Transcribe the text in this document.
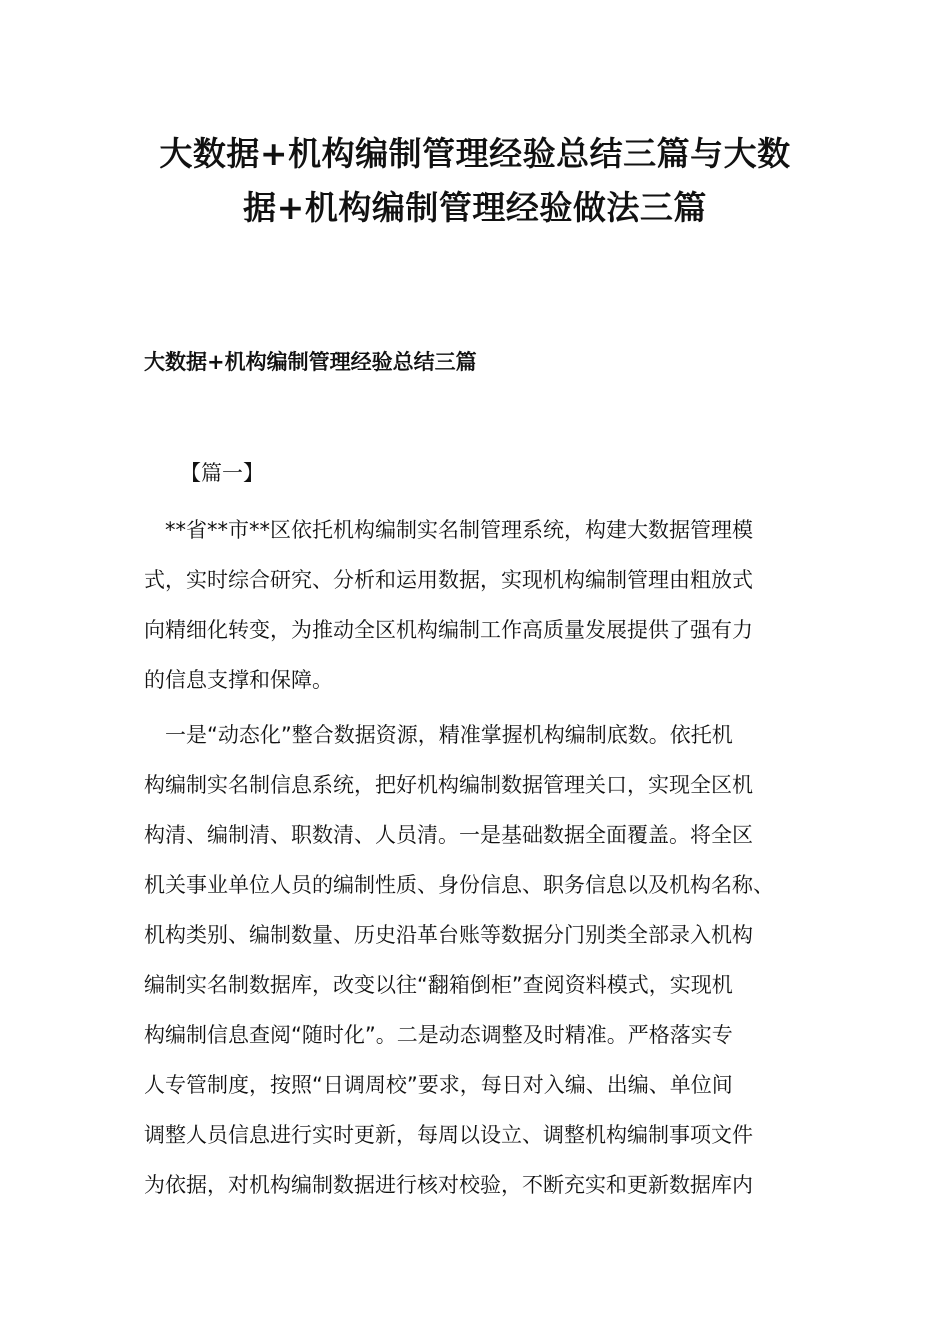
大数据+机构编制管理经验总结三篇与大数
据+机构编制管理经验做法三篇
大数据+机构编制管理经验总结三篇

【篇一】

　**省**市**区依托机构编制实名制管理系统，构建大数据管理模
式，实时综合研究、分析和运用数据，实现机构编制管理由粗放式
向精细化转变，为推动全区机构编制工作高质量发展提供了强有力
的信息支撑和保障。
　一是“动态化”整合数据资源，精准掌握机构编制底数。依托机
构编制实名制信息系统，把好机构编制数据管理关口，实现全区机
构清、编制清、职数清、人员清。一是基础数据全面覆盖。将全区
机关事业单位人员的编制性质、身份信息、职务信息以及机构名称、
机构类别、编制数量、历史沿革台账等数据分门别类全部录入机构
编制实名制数据库，改变以往“翻箱倒柜”查阅资料模式，实现机
构编制信息查阅“随时化”。二是动态调整及时精准。严格落实专
人专管制度，按照“日调周校”要求，每日对入编、出编、单位间
调整人员信息进行实时更新，每周以设立、调整机构编制事项文件
为依据，对机构编制数据进行核对校验，不断充实和更新数据库内
